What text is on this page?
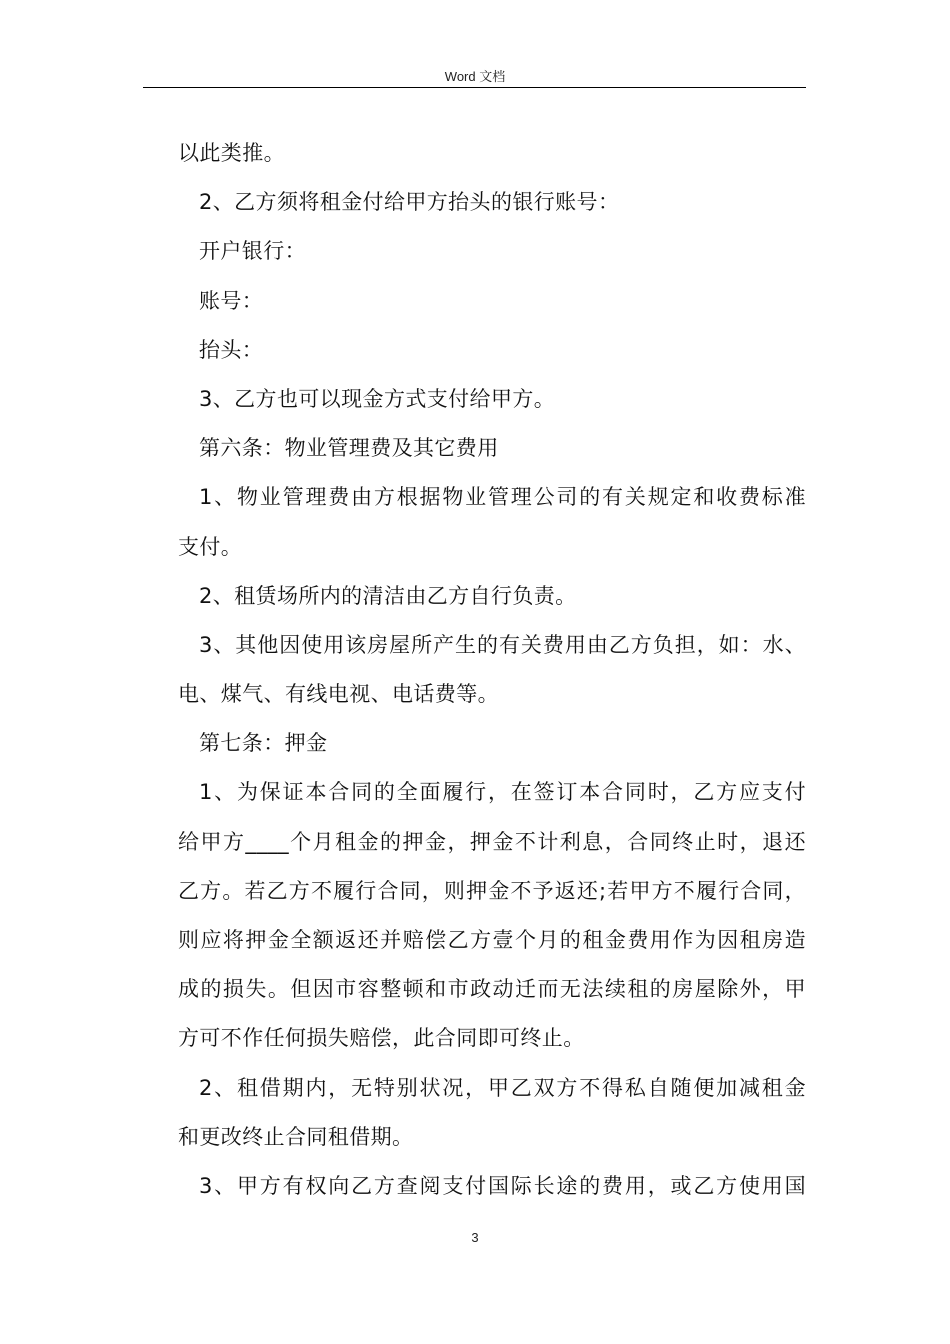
Word 文档
以此类推。
2、乙方须将租金付给甲方抬头的银行账号：
开户银行：
账号：
抬头：
3、乙方也可以现金方式支付给甲方。
第六条：物业管理费及其它费用
1、物业管理费由方根据物业管理公司的有关规定和收费标准
支付。
2、租赁场所内的清洁由乙方自行负责。
3、其他因使用该房屋所产生的有关费用由乙方负担，如：水、
电、煤气、有线电视、电话费等。
第七条：押金
1、为保证本合同的全面履行，在签订本合同时，乙方应支付
给甲方____个月租金的押金，押金不计利息，合同终止时，退还
乙方。若乙方不履行合同，则押金不予返还;若甲方不履行合同，
则应将押金全额返还并赔偿乙方壹个月的租金费用作为因租房造
成的损失。但因市容整顿和市政动迁而无法续租的房屋除外，甲
方可不作任何损失赔偿，此合同即可终止。
2、租借期内，无特别状况，甲乙双方不得私自随便加减租金
和更改终止合同租借期。
3、甲方有权向乙方查阅支付国际长途的费用，或乙方使用国
3
